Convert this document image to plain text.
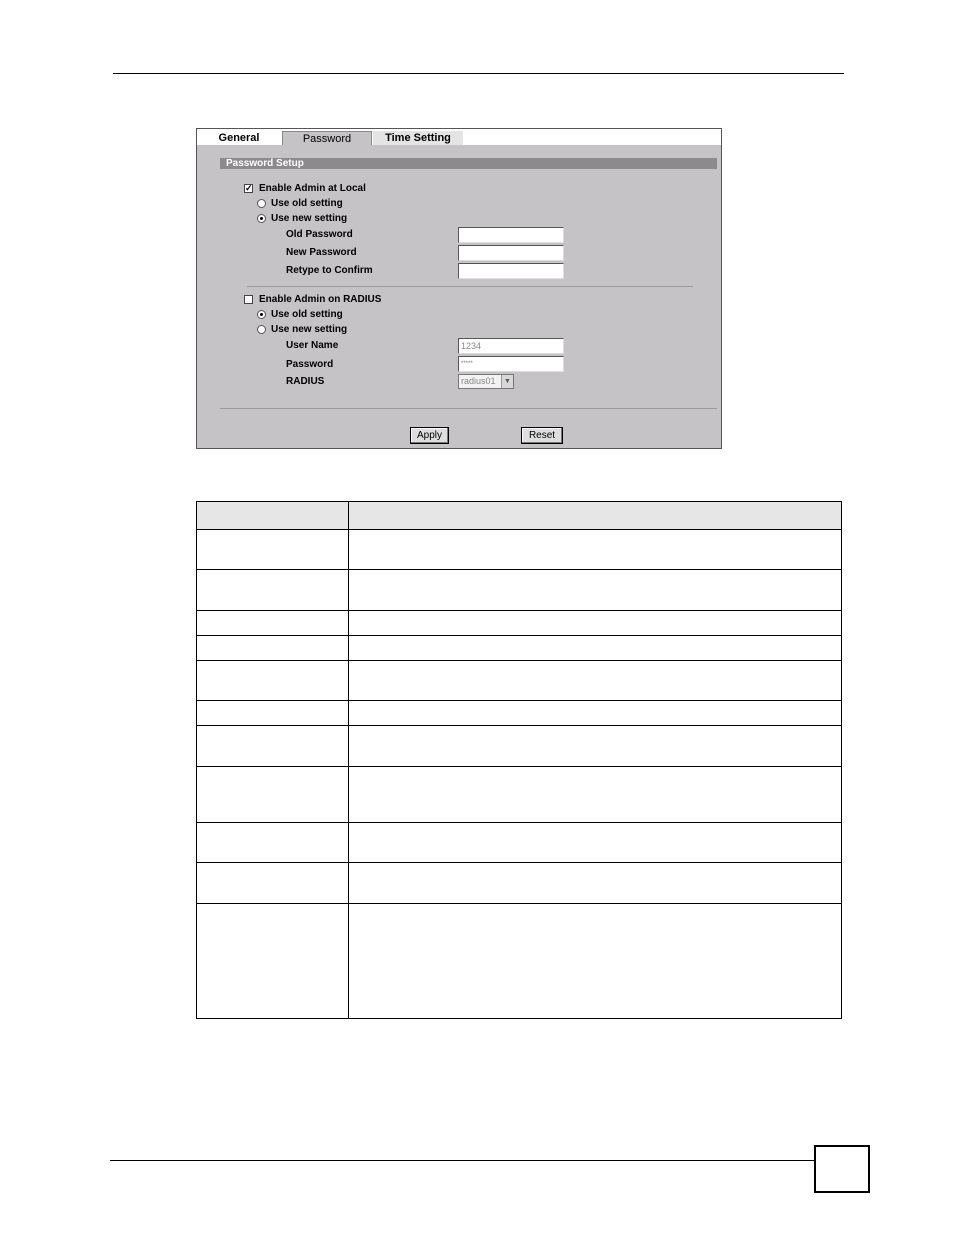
General	Password	Time Setting
Password Setup
✓ Enable Admin at Local
Use old setting
Use new setting
Old Password
New Password
Retype to Confirm
Enable Admin on RADIUS
Use old setting
Use new setting
User Name	1234
Password	*****
RADIUS	radius01	▼
Apply	Reset
